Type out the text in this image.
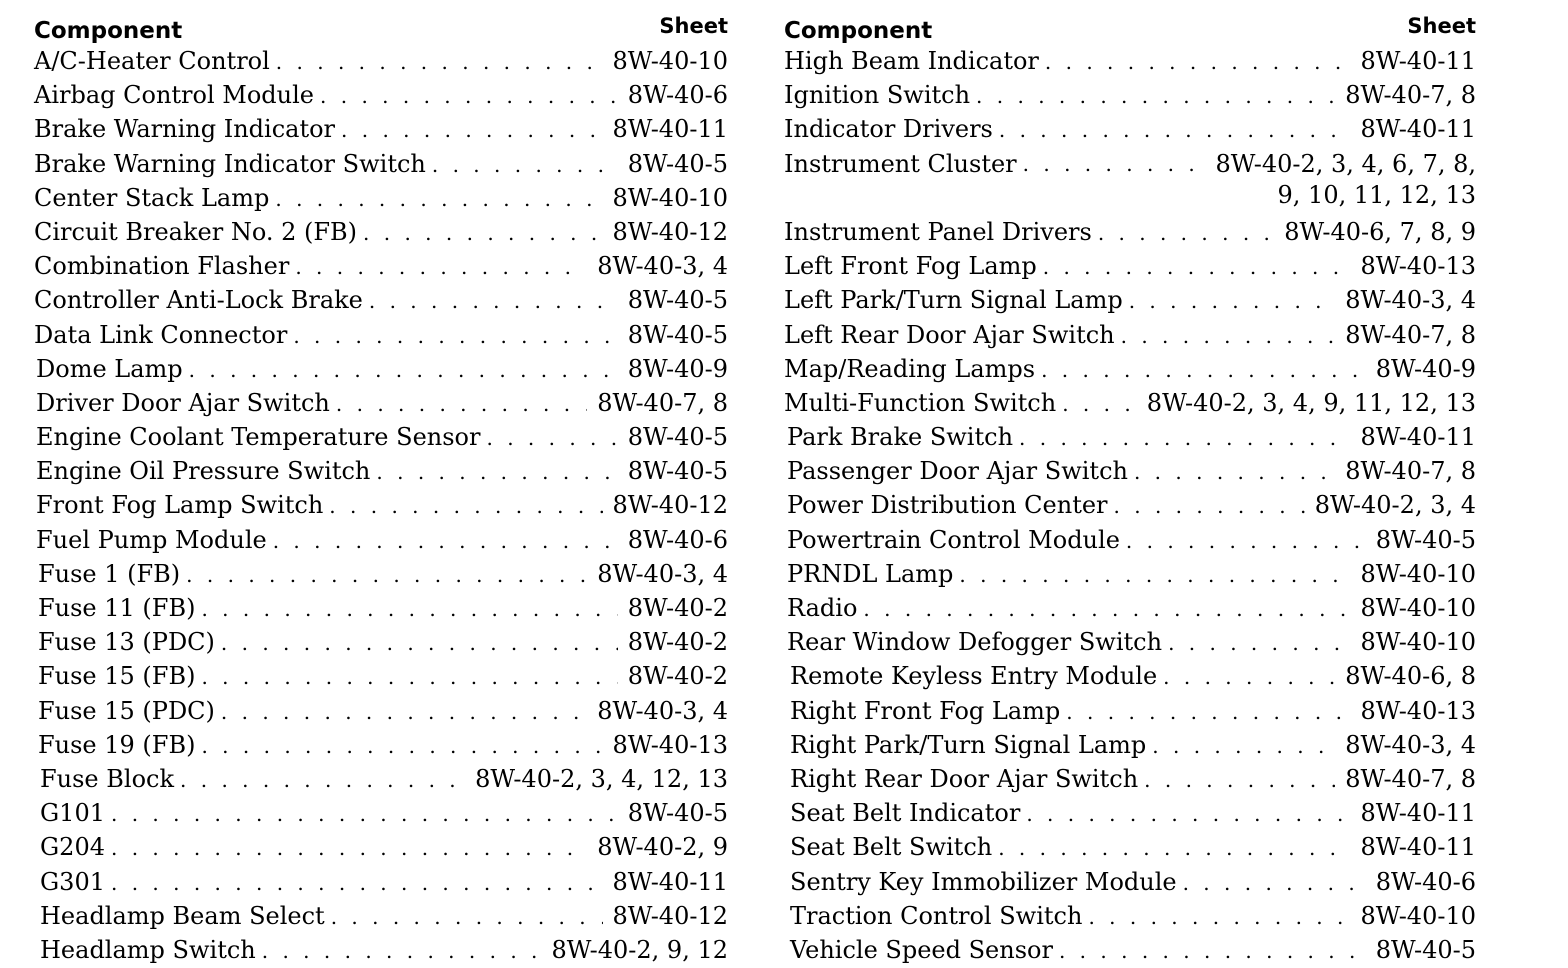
Component	Sheet
A/C-Heater Control . . .	8W-40-10
Airbag Control Module . . .	8W-40-6
Brake Warning Indicator . . .	8W-40-11
Brake Warning Indicator Switch . . .	8W-40-5
Center Stack Lamp . . .	8W-40-10
Circuit Breaker No. 2 (FB) . . .	8W-40-12
Combination Flasher . . .	8W-40-3, 4
Controller Anti-Lock Brake . . .	8W-40-5
Data Link Connector . . .	8W-40-5
Dome Lamp . . .	8W-40-9
Driver Door Ajar Switch . . .	8W-40-7, 8
Engine Coolant Temperature Sensor . . .	8W-40-5
Engine Oil Pressure Switch . . .	8W-40-5
Front Fog Lamp Switch . . .	8W-40-12
Fuel Pump Module . . .	8W-40-6
Fuse 1 (FB) . . .	8W-40-3, 4
Fuse 11 (FB) . . .	8W-40-2
Fuse 13 (PDC) . . .	8W-40-2
Fuse 15 (FB) . . .	8W-40-2
Fuse 15 (PDC) . . .	8W-40-3, 4
Fuse 19 (FB) . . .	8W-40-13
Fuse Block . . .	8W-40-2, 3, 4, 12, 13
G101 . . .	8W-40-5
G204 . . .	8W-40-2, 9
G301 . . .	8W-40-11
Headlamp Beam Select . . .	8W-40-12
Headlamp Switch . . .	8W-40-2, 9, 12
Component	Sheet
High Beam Indicator . . .	8W-40-11
Ignition Switch . . .	8W-40-7, 8
Indicator Drivers . . .	8W-40-11
Instrument Cluster . . .	8W-40-2, 3, 4, 6, 7, 8,
9, 10, 11, 12, 13
Instrument Panel Drivers . . .	8W-40-6, 7, 8, 9
Left Front Fog Lamp . . .	8W-40-13
Left Park/Turn Signal Lamp . . .	8W-40-3, 4
Left Rear Door Ajar Switch . . .	8W-40-7, 8
Map/Reading Lamps . . .	8W-40-9
Multi-Function Switch . . .	8W-40-2, 3, 4, 9, 11, 12, 13
Park Brake Switch . . .	8W-40-11
Passenger Door Ajar Switch . . .	8W-40-7, 8
Power Distribution Center . . .	8W-40-2, 3, 4
Powertrain Control Module . . .	8W-40-5
PRNDL Lamp . . .	8W-40-10
Radio . . .	8W-40-10
Rear Window Defogger Switch . . .	8W-40-10
Remote Keyless Entry Module . . .	8W-40-6, 8
Right Front Fog Lamp . . .	8W-40-13
Right Park/Turn Signal Lamp . . .	8W-40-3, 4
Right Rear Door Ajar Switch . . .	8W-40-7, 8
Seat Belt Indicator . . .	8W-40-11
Seat Belt Switch . . .	8W-40-11
Sentry Key Immobilizer Module . . .	8W-40-6
Traction Control Switch . . .	8W-40-10
Vehicle Speed Sensor . . .	8W-40-5
